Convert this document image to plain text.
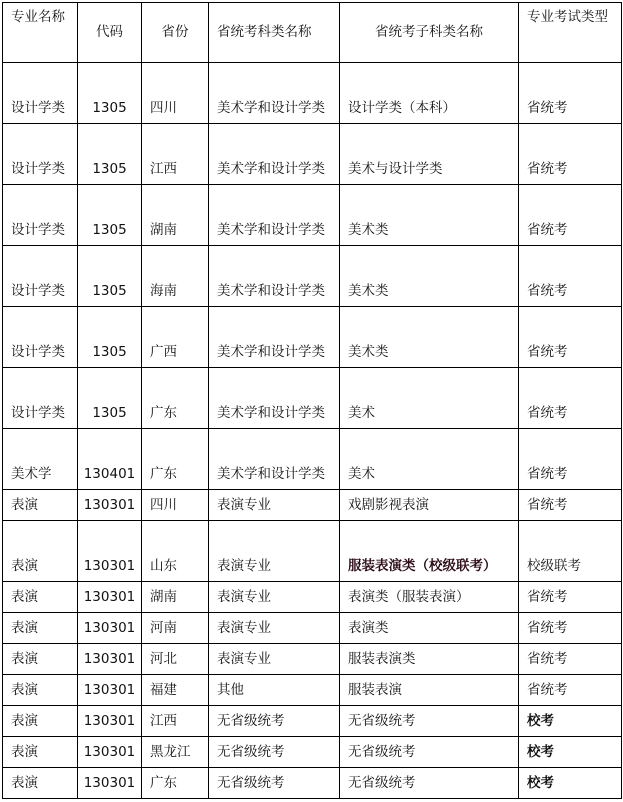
专业名称	代码	省份	省统考科类名称	省统考子科类名称	专业考试类型
设计学类	1305	四川	美术学和设计学类	设计学类（本科）	省统考
设计学类	1305	江西	美术学和设计学类	美术与设计学类	省统考
设计学类	1305	湖南	美术学和设计学类	美术类	省统考
设计学类	1305	海南	美术学和设计学类	美术类	省统考
设计学类	1305	广西	美术学和设计学类	美术类	省统考
设计学类	1305	广东	美术学和设计学类	美术	省统考
美术学	130401	广东	美术学和设计学类	美术	省统考
表演	130301	四川	表演专业	戏剧影视表演	省统考
表演	130301	山东	表演专业	服装表演类（校级联考）	校级联考
表演	130301	湖南	表演专业	表演类（服装表演）	省统考
表演	130301	河南	表演专业	表演类	省统考
表演	130301	河北	表演专业	服装表演类	省统考
表演	130301	福建	其他	服装表演	省统考
表演	130301	江西	无省级统考	无省级统考	校考
表演	130301	黑龙江	无省级统考	无省级统考	校考
表演	130301	广东	无省级统考	无省级统考	校考
